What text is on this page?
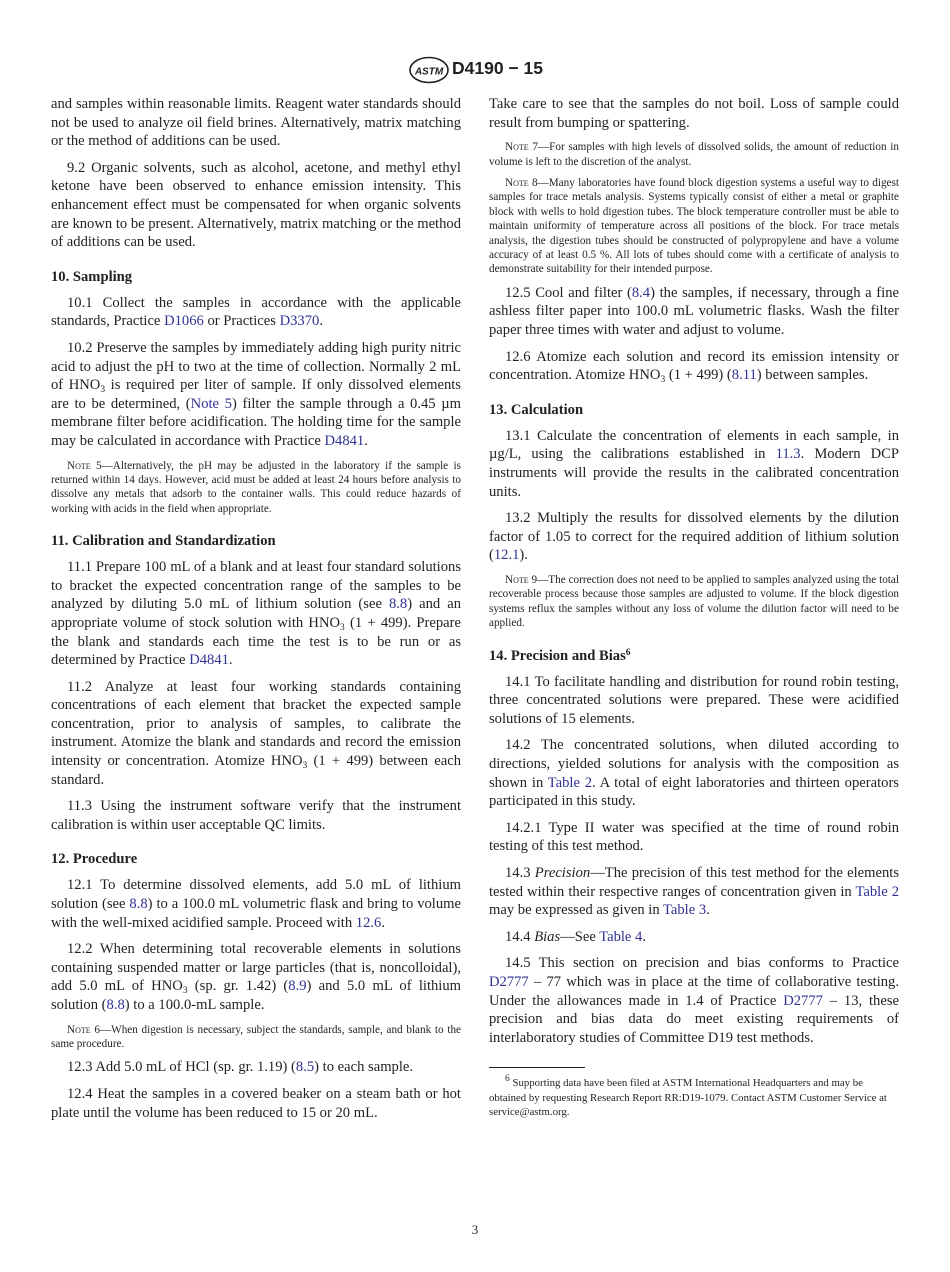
ASTM D4190 − 15

and samples within reasonable limits. Reagent water standards should not be used to analyze oil field brines. Alternatively, matrix matching or the method of additions can be used.

9.2 Organic solvents, such as alcohol, acetone, and methyl ethyl ketone have been observed to enhance emission intensity. This enhancement effect must be compensated for when organic solvents are known to be present. Alternatively, matrix matching or the method of additions can be used.

10. Sampling

10.1 Collect the samples in accordance with the applicable standards, Practice D1066 or Practices D3370.

10.2 Preserve the samples by immediately adding high purity nitric acid to adjust the pH to two at the time of collection. Normally 2 mL of $HNO_3$ is required per liter of sample. If only dissolved elements are to be determined, (Note 5) filter the sample through a 0.45 µm membrane filter before acidification. The holding time for the sample may be calculated in accordance with Practice D4841.

Note 5—Alternatively, the pH may be adjusted in the laboratory if the sample is returned within 14 days. However, acid must be added at least 24 hours before analysis to dissolve any metals that adsorb to the container walls. This could reduce hazards of working with acids in the field when appropriate.

11. Calibration and Standardization

11.1 Prepare 100 mL of a blank and at least four standard solutions to bracket the expected concentration range of the samples to be analyzed by diluting 5.0 mL of lithium solution (see 8.8) and an appropriate volume of stock solution with $HNO_3$ (1 + 499). Prepare the blank and standards each time the test is to be run or as determined by Practice D4841.

11.2 Analyze at least four working standards containing concentrations of each element that bracket the expected sample concentration, prior to analysis of samples, to calibrate the instrument. Atomize the blank and standards and record the emission intensity or concentration. Atomize $HNO_3$ (1 + 499) between each standard.

11.3 Using the instrument software verify that the instrument calibration is within user acceptable QC limits.

12. Procedure

12.1 To determine dissolved elements, add 5.0 mL of lithium solution (see 8.8) to a 100.0 mL volumetric flask and bring to volume with the well-mixed acidified sample. Proceed with 12.6.

12.2 When determining total recoverable elements in solutions containing suspended matter or large particles (that is, noncolloidal), add 5.0 mL of $HNO_3$ (sp. gr. 1.42) (8.9) and 5.0 mL of lithium solution (8.8) to a 100.0-mL sample.

Note 6—When digestion is necessary, subject the standards, sample, and blank to the same procedure.

12.3 Add 5.0 mL of HCl (sp. gr. 1.19) (8.5) to each sample.

12.4 Heat the samples in a covered beaker on a steam bath or hot plate until the volume has been reduced to 15 or 20 mL.

Take care to see that the samples do not boil. Loss of sample could result from bumping or spattering.

Note 7—For samples with high levels of dissolved solids, the amount of reduction in volume is left to the discretion of the analyst.

Note 8—Many laboratories have found block digestion systems a useful way to digest samples for trace metals analysis. Systems typically consist of either a metal or graphite block with wells to hold digestion tubes. The block temperature controller must be able to maintain uniformity of temperature across all positions of the block. For trace metals analysis, the digestion tubes should be constructed of polypropylene and have a volume accuracy of at least 0.5 %. All lots of tubes should come with a certificate of analysis to demonstrate suitability for their intended purpose.

12.5 Cool and filter (8.4) the samples, if necessary, through a fine ashless filter paper into 100.0 mL volumetric flasks. Wash the filter paper three times with water and adjust to volume.

12.6 Atomize each solution and record its emission intensity or concentration. Atomize $HNO_3$ (1 + 499) (8.11) between samples.

13. Calculation

13.1 Calculate the concentration of elements in each sample, in µg/L, using the calibrations established in 11.3. Modern DCP instruments will provide the results in the calibrated concentration units.

13.2 Multiply the results for dissolved elements by the dilution factor of 1.05 to correct for the required addition of lithium solution (12.1).

Note 9—The correction does not need to be applied to samples analyzed using the total recoverable process because those samples are adjusted to volume. If the block digestion systems reflux the samples without any loss of volume the dilution factor will need to be applied.

14. Precision and Bias$^6$

14.1 To facilitate handling and distribution for round robin testing, three concentrated solutions were prepared. These were acidified solutions of 15 elements.

14.2 The concentrated solutions, when diluted according to directions, yielded solutions for analysis with the composition as shown in Table 2. A total of eight laboratories and thirteen operators participated in this study.

14.2.1 Type II water was specified at the time of round robin testing of this test method.

14.3 Precision—The precision of this test method for the elements tested within their respective ranges of concentration given in Table 2 may be expressed as given in Table 3.

14.4 Bias—See Table 4.

14.5 This section on precision and bias conforms to Practice D2777 – 77 which was in place at the time of collaborative testing. Under the allowances made in 1.4 of Practice D2777 – 13, these precision and bias data do meet existing requirements of interlaboratory studies of Committee D19 test methods.

$^6$ Supporting data have been filed at ASTM International Headquarters and may be obtained by requesting Research Report RR:D19-1079. Contact ASTM Customer Service at service@astm.org.

3
